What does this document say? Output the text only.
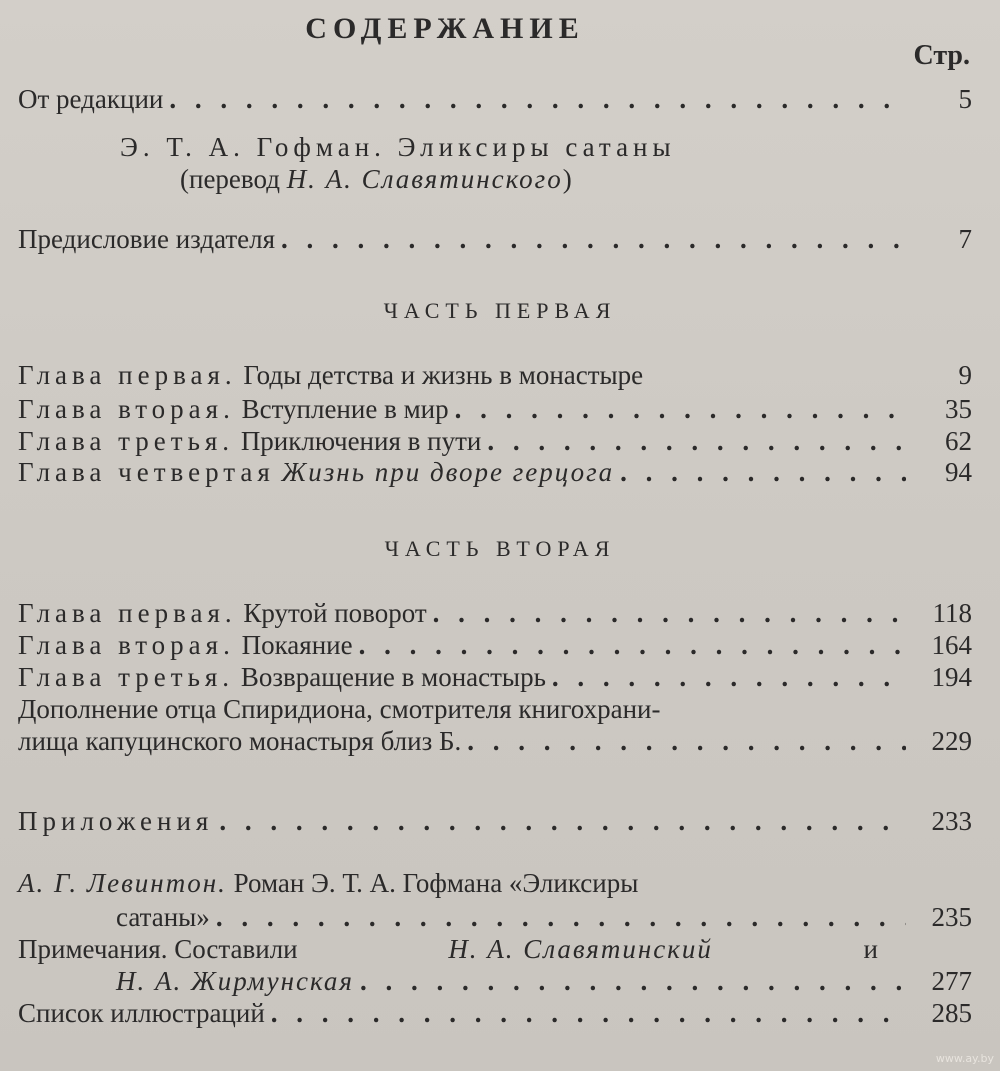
СОДЕРЖАНИЕ
Стр.
От редакции . . .	5
Э. Т. А. Гофман. Эликсиры сатаны
(перевод Н. А. Славятинского)
Предисловие издателя . . .	7
ЧАСТЬ ПЕРВАЯ
Глава первая. Годы детства и жизнь в монастыре	9
Глава вторая. Вступление в мир . . .	35
Глава третья. Приключения в пути . . .	62
Глава четвертая Жизнь при дворе герцога . . .	94
ЧАСТЬ ВТОРАЯ
Глава первая. Крутой поворот . . .	118
Глава вторая. Покаяние . . .	164
Глава третья. Возвращение в монастырь . . .	194
Дополнение отца Спиридиона, смотрителя книгохрани-
лища капуцинского монастыря близ Б. . . .	229
Приложения . . .	233
А. Г. Левинтон. Роман Э. Т. А. Гофмана «Эликсиры
сатаны» . . .	235
Примечания. Составили	Н. А. Славятинский	и
Н. А. Жирмунская . . .	277
Список иллюстраций . . .	285
www.ay.by
